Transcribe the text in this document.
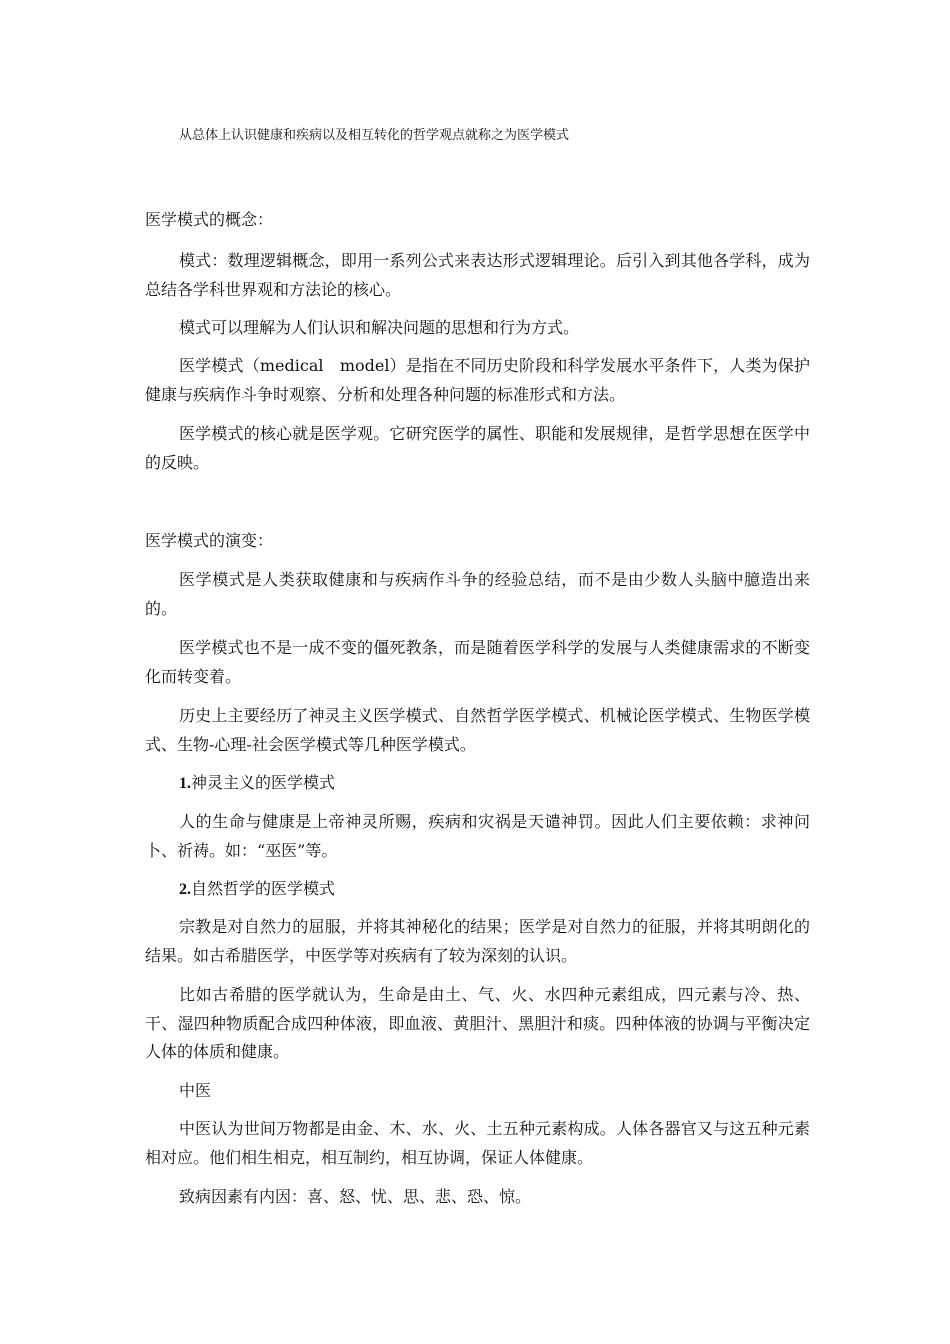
从总体上认识健康和疾病以及相互转化的哲学观点就称之为医学模式

医学模式的概念：

模式：数理逻辑概念，即用一系列公式来表达形式逻辑理论。后引入到其他各学科，成为总结各学科世界观和方法论的核心。

模式可以理解为人们认识和解决问题的思想和行为方式。

医学模式（medical　model）是指在不同历史阶段和科学发展水平条件下，人类为保护健康与疾病作斗争时观察、分析和处理各种问题的标准形式和方法。

医学模式的核心就是医学观。它研究医学的属性、职能和发展规律，是哲学思想在医学中的反映。

医学模式的演变：

医学模式是人类获取健康和与疾病作斗争的经验总结，而不是由少数人头脑中臆造出来的。

医学模式也不是一成不变的僵死教条，而是随着医学科学的发展与人类健康需求的不断变化而转变着。

历史上主要经历了神灵主义医学模式、自然哲学医学模式、机械论医学模式、生物医学模式、生物-心理-社会医学模式等几种医学模式。

1.神灵主义的医学模式

人的生命与健康是上帝神灵所赐，疾病和灾祸是天谴神罚。因此人们主要依赖：求神问卜、祈祷。如：“巫医”等。

2.自然哲学的医学模式

宗教是对自然力的屈服，并将其神秘化的结果；医学是对自然力的征服，并将其明朗化的结果。如古希腊医学，中医学等对疾病有了较为深刻的认识。

比如古希腊的医学就认为，生命是由土、气、火、水四种元素组成，四元素与冷、热、干、湿四种物质配合成四种体液，即血液、黄胆汁、黑胆汁和痰。四种体液的协调与平衡决定人体的体质和健康。

中医

中医认为世间万物都是由金、木、水、火、土五种元素构成。人体各器官又与这五种元素相对应。他们相生相克，相互制约，相互协调，保证人体健康。

致病因素有内因：喜、怒、忧、思、悲、恐、惊。
